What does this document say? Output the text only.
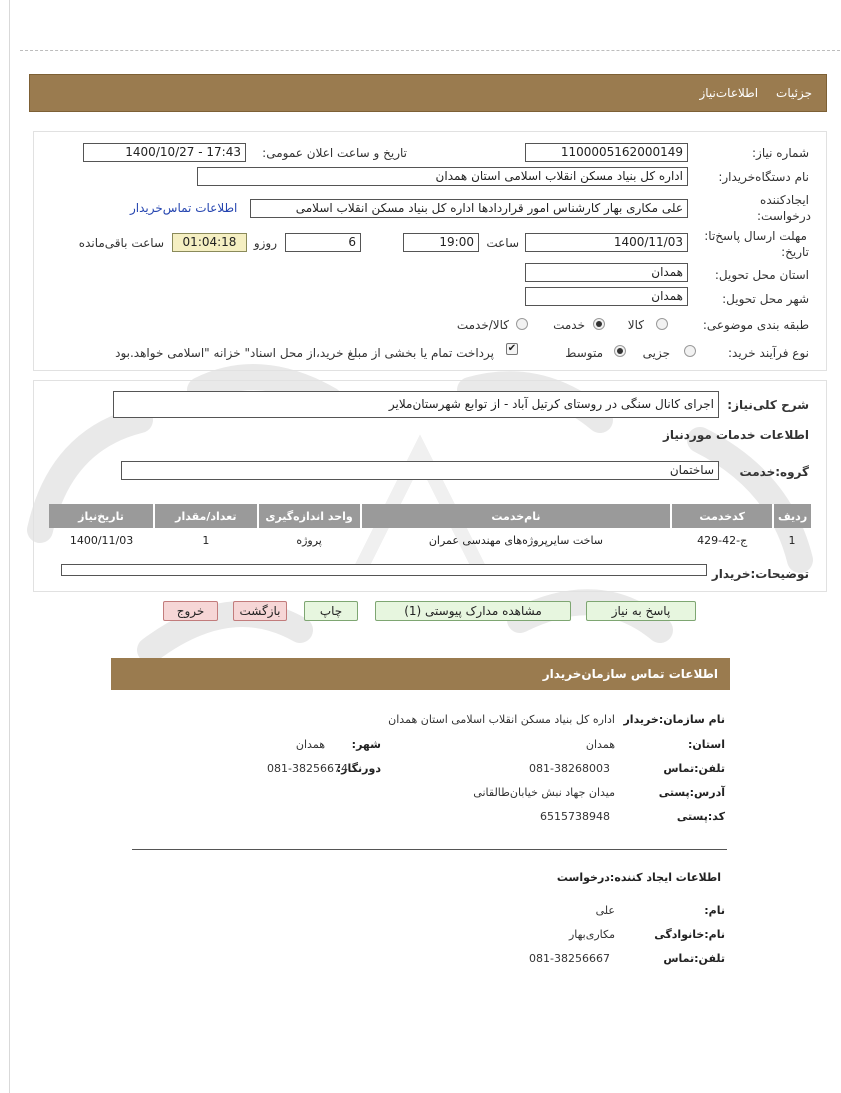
اطلاعات‌نیاز جزئیات
شماره نیاز:
1100005162000149
تاریخ و ساعت اعلان عمومی:
1400/10/27 - 17:43
نام دستگاه‌خریدار:
اداره کل بنیاد مسکن انقلاب اسلامی استان همدان
ایجادکننده
درخواست:
علی مکاری بهار کارشناس امور قراردادها اداره کل بنیاد مسکن انقلاب اسلامی
اطلاعات تماس‌خریدار
مهلت ارسال پاسخ‌تا:
تاریخ:
1400/11/03
ساعت
19:00
6
روزو
01:04:18
ساعت باقی‌مانده
استان محل تحویل:
همدان
شهر محل تحویل:
همدان
طبقه بندی موضوعی:
کالا
خدمت
کالا/خدمت
نوع فرآیند خرید:
جزیی
متوسط
✔
پرداخت تمام یا بخشی از مبلغ خرید،از محل اسناد" خزانه "اسلامی خواهد.بود
شرح کلی‌نیاز:
اجرای کانال سنگی در روستای کرتیل آباد - از توابع شهرستان‌ملایر
اطلاعات خدمات موردنیاز
گروه:خدمت
ساختمان
تاریخ‌نیاز	تعداد/مقدار	واحد اندازه‌گیری	نام‌خدمت	کدخدمت	ردیف
1400/11/03	1	پروژه	ساخت سایرپروژه‌های مهندسی عمران	ج-42-429	1
توضیحات:خریدار
پاسخ به نیاز
مشاهده مدارک پیوستی (1)
چاپ
بازگشت
خروج
اطلاعات تماس سازمان‌خریدار
نام سازمان:خریدار
اداره کل بنیاد مسکن انقلاب اسلامی استان همدان
استان:
همدان
شهر:
همدان
تلفن:تماس
081-38268003
دورنگار:
081-38256674
آدرس:پستی
میدان جهاد نبش خیابان‌طالقانی
کد:پستی
6515738948
اطلاعات ایجاد کننده:درخواست
نام:
علی
نام:خانوادگی
مکاری‌بهار
تلفن:تماس
081-38256667
